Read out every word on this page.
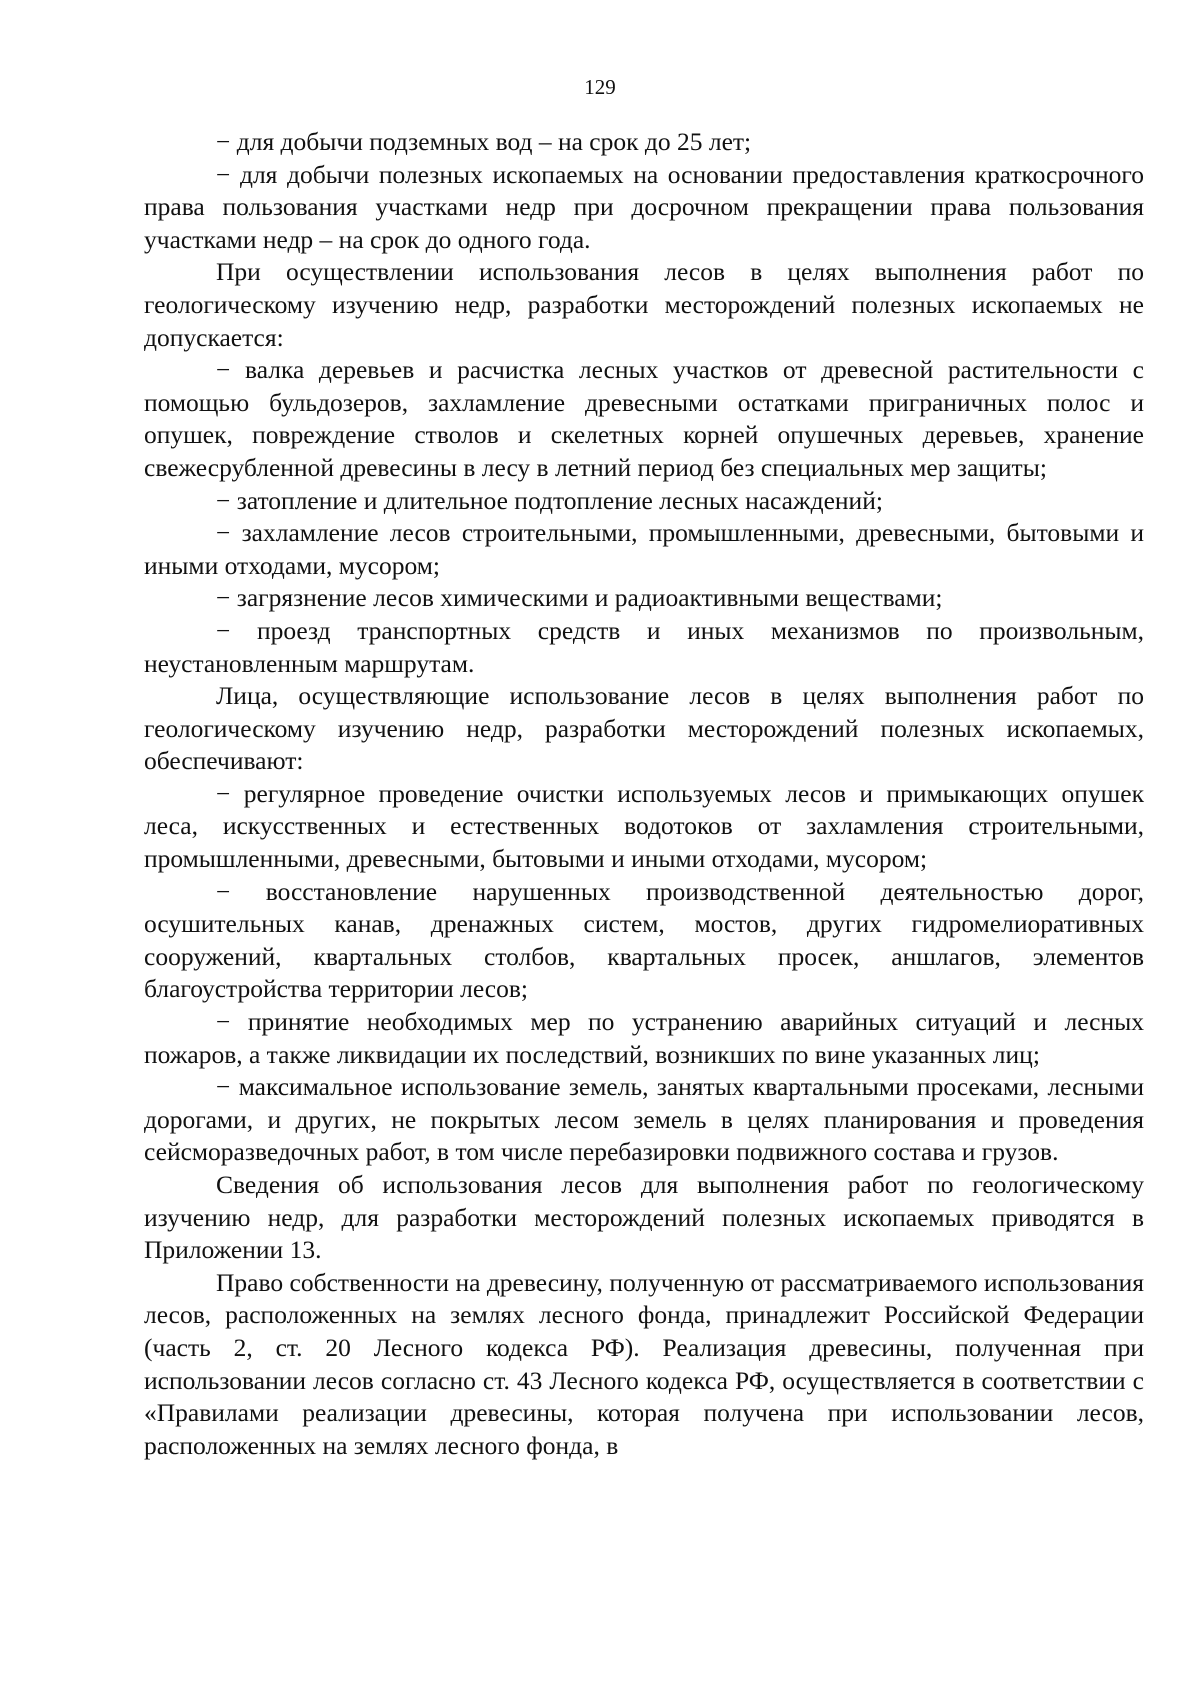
129

− для добычи подземных вод – на срок до 25 лет;

− для добычи полезных ископаемых на основании предоставления краткосрочного права пользования участками недр при досрочном прекращении права пользования участками недр – на срок до одного года.

При осуществлении использования лесов в целях выполнения работ по геологическому изучению недр, разработки месторождений полезных ископаемых не допускается:

− валка деревьев и расчистка лесных участков от древесной растительности с помощью бульдозеров, захламление древесными остатками приграничных полос и опушек, повреждение стволов и скелетных корней опушечных деревьев, хранение свежесрубленной древесины в лесу в летний период без специальных мер защиты;

− затопление и длительное подтопление лесных насаждений;

− захламление лесов строительными, промышленными, древесными, бытовыми и иными отходами, мусором;

− загрязнение лесов химическими и радиоактивными веществами;

− проезд транспортных средств и иных механизмов по произвольным, неустановленным маршрутам.

Лица, осуществляющие использование лесов в целях выполнения работ по геологическому изучению недр, разработки месторождений полезных ископаемых, обеспечивают:

− регулярное проведение очистки используемых лесов и примыкающих опушек леса, искусственных и естественных водотоков от захламления строительными, промышленными, древесными, бытовыми и иными отходами, мусором;

− восстановление нарушенных производственной деятельностью дорог, осушительных канав, дренажных систем, мостов, других гидромелиоративных сооружений, квартальных столбов, квартальных просек, аншлагов, элементов благоустройства территории лесов;

− принятие необходимых мер по устранению аварийных ситуаций и лесных пожаров, а также ликвидации их последствий, возникших по вине указанных лиц;

− максимальное использование земель, занятых квартальными просеками, лесными дорогами, и других, не покрытых лесом земель в целях планирования и проведения сейсморазведочных работ, в том числе перебазировки подвижного состава и грузов.

Сведения об использования лесов для выполнения работ по геологическому изучению недр, для разработки месторождений полезных ископаемых приводятся в Приложении 13.

Право собственности на древесину, полученную от рассматриваемого использования лесов, расположенных на землях лесного фонда, принадлежит Российской Федерации (часть 2, ст. 20 Лесного кодекса РФ). Реализация древесины, полученная при использовании лесов согласно ст. 43 Лесного кодекса РФ, осуществляется в соответствии с «Правилами реализации древесины, которая получена при использовании лесов, расположенных на землях лесного фонда, в
